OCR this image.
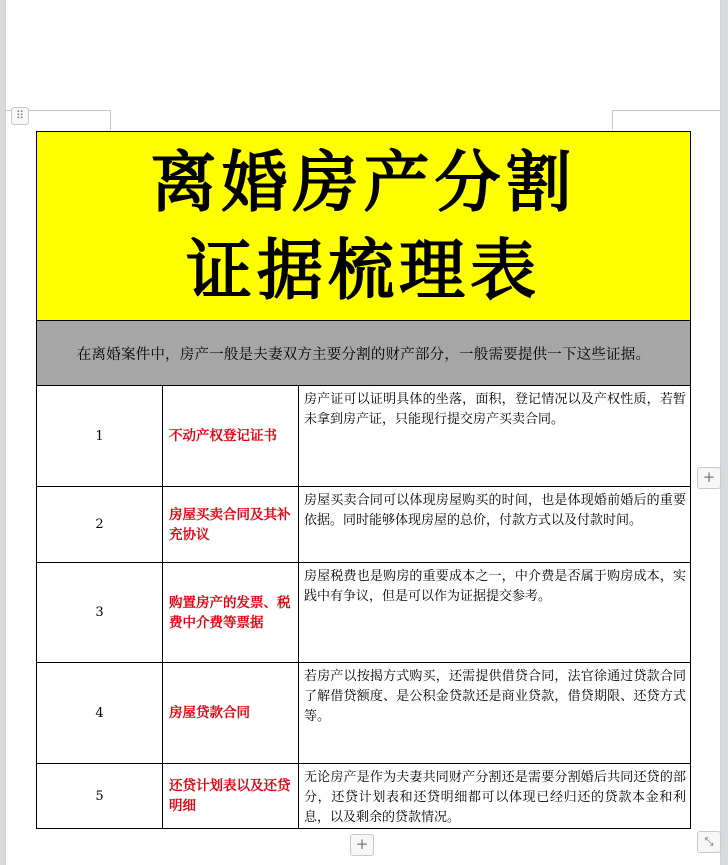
⠿
离婚房产分割
证据梳理表		

在离婚案件中，房产一般是夫妻双方主要分割的财产部分，一般需要提供一下这些证据。		
1	不动产权登记证书	房产证可以证明具体的坐落，面积，登记情况以及产权性质，若暂未拿到房产证，只能现行提交房产买卖合同。
2	房屋买卖合同及其补充协议	房屋买卖合同可以体现房屋购买的时间，也是体现婚前婚后的重要依据。同时能够体现房屋的总价，付款方式以及付款时间。
3	购置房产的发票、税费中介费等票据	房屋税费也是购房的重要成本之一，中介费是否属于购房成本，实践中有争议，但是可以作为证据提交参考。
4	房屋贷款合同	若房产以按揭方式购买，还需提供借贷合同，法官徐通过贷款合同了解借贷额度、是公积金贷款还是商业贷款，借贷期限、还贷方式等。
5	还贷计划表以及还贷明细	无论房产是作为夫妻共同财产分割还是需要分割婚后共同还贷的部分，还贷计划表和还贷明细都可以体现已经归还的贷款本金和利息，以及剩余的贷款情况。
+
+	⤡
